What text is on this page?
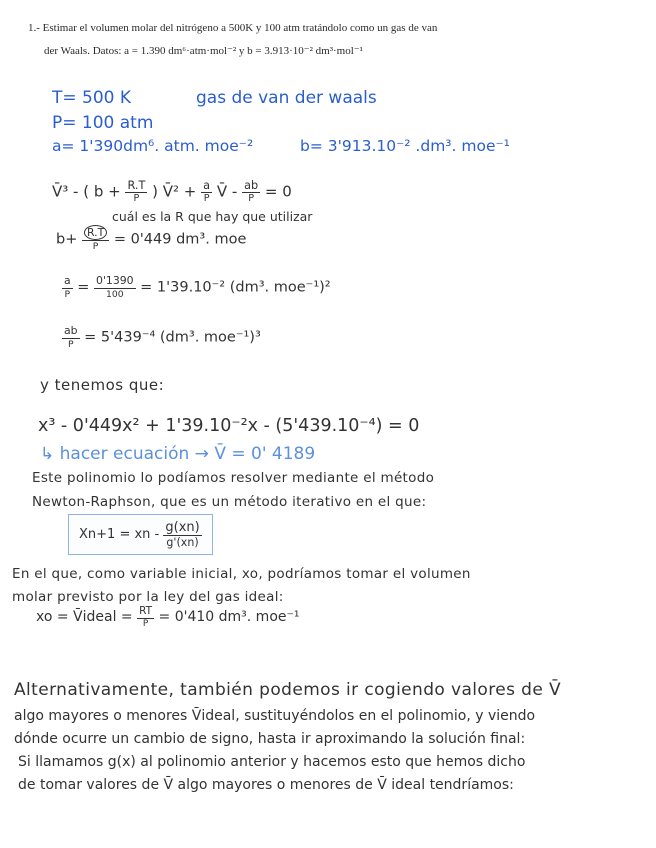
1.- Estimar el volumen molar del nitrógeno a 500K y 100 atm tratándolo como un gas de van
der Waals. Datos: a = 1.390 dm⁶·atm·mol⁻² y b = 3.913·10⁻² dm³·mol⁻¹
T= 500 K	gas de van der waals
P= 100 atm
a= 1'390dm⁶. atm. moe⁻²	b= 3'913.10⁻² .dm³. moe⁻¹
V̄³ - ( $b + \frac{R.T}{P}$ ) V̄² + $\frac{a}{P}$ V̄ - $\frac{ab}{P} = 0$
cuál es la R que hay que utilizar
$b+ \frac{R.T}{P} = 0'449$ dm³. moe
$\frac{a}{P} = \frac{0'1390}{100} = 1'39.10^{-2}$ (dm³. moe⁻¹)²
$\frac{ab}{P} = 5'439^{-4}$ (dm³. moe⁻¹)³
y tenemos que:
x³ - 0'449x² + 1'39.10⁻²x - (5'439.10⁻⁴) = 0
↳ hacer ecuación → V̄ = 0' 4189
Este polinomio lo podíamos resolver mediante el método
Newton-Raphson, que es un método iterativo en el que:
Xn+1 = xn - $\frac{g(xn)}{g'(xn)}$
En el que, como variable inicial, xo, podríamos tomar el volumen
molar previsto por la ley del gas ideal:
xo = V̄ideal = $\frac{RT}{P} = 0'410$ dm³. moe⁻¹
Alternativamente, también podemos ir cogiendo valores de V̄
algo mayores o menores V̄ideal, sustituyéndolos en el polinomio, y viendo
dónde ocurre un cambio de signo, hasta ir aproximando la solución final:
Si llamamos g(x) al polinomio anterior y hacemos esto que hemos dicho
de tomar valores de V̄ algo mayores o menores de V̄ ideal tendríamos:
